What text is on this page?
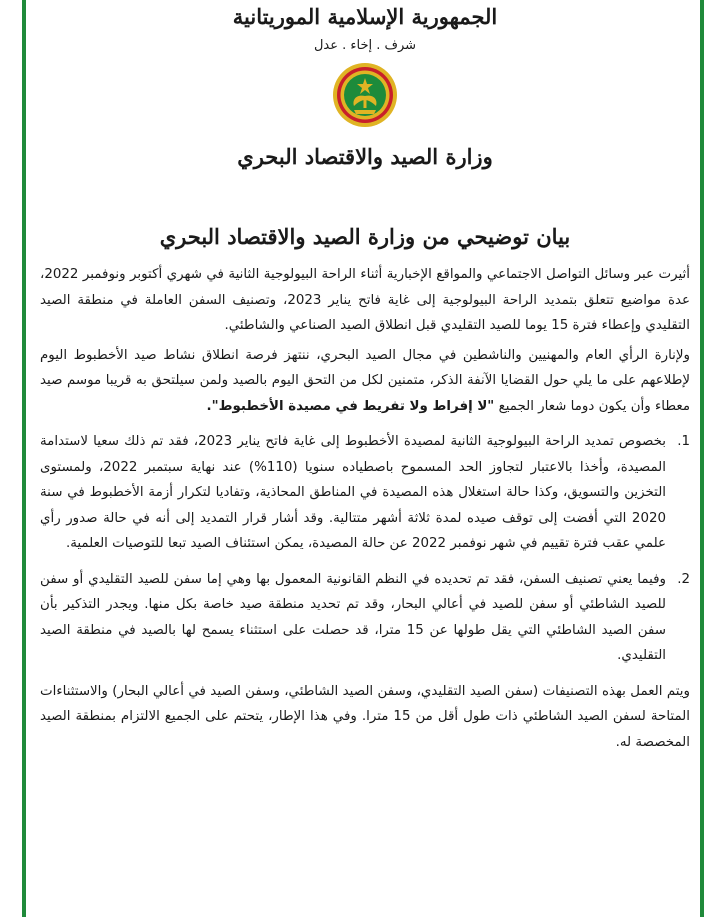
الجمهورية الإسلامية الموريتانية
شرف . إخاء . عدل
وزارة الصيد والاقتصاد البحري
بيان توضيحي من وزارة الصيد والاقتصاد البحري

أثيرت عبر وسائل التواصل الاجتماعي والمواقع الإخبارية أثناء الراحة البيولوجية الثانية في شهري أكتوبر ونوفمبر 2022، عدة مواضيع تتعلق بتمديد الراحة البيولوجية إلى غاية فاتح يناير 2023، وتصنيف السفن العاملة في منطقة الصيد التقليدي وإعطاء فترة 15 يوما للصيد التقليدي قبل انطلاق الصيد الصناعي والشاطئي.

ولإنارة الرأي العام والمهنيين والناشطين في مجال الصيد البحري، ننتهز فرصة انطلاق نشاط صيد الأخطبوط اليوم لإطلاعهم على ما يلي حول القضايا الآنفة الذكر، متمنين لكل من التحق اليوم بالصيد ولمن سيلتحق به قريبا موسم صيد معطاء وأن يكون دوما شعار الجميع "لا إفراط ولا تفريط في مصيدة الأخطبوط".

1.
بخصوص تمديد الراحة البيولوجية الثانية لمصيدة الأخطبوط إلى غاية فاتح يناير 2023، فقد تم ذلك سعيا لاستدامة المصيدة، وأخذا بالاعتبار لتجاوز الحد المسموح باصطياده سنويا (110%) عند نهاية سبتمبر 2022، ولمستوى التخزين والتسويق، وكذا حالة استغلال هذه المصيدة في المناطق المحاذية، وتفاديا لتكرار أزمة الأخطبوط في سنة 2020 التي أفضت إلى توقف صيده لمدة ثلاثة أشهر متتالية. وقد أشار قرار التمديد إلى أنه في حالة صدور رأي علمي عقب فترة تقييم في شهر نوفمبر 2022 عن حالة المصيدة، يمكن استئناف الصيد تبعا للتوصيات العلمية.
2.
وفيما يعني تصنيف السفن، فقد تم تحديده في النظم القانونية المعمول بها وهي إما سفن للصيد التقليدي أو سفن للصيد الشاطئي أو سفن للصيد في أعالي البحار، وقد تم تحديد منطقة صيد خاصة بكل منها. ويجدر التذكير بأن سفن الصيد الشاطئي التي يقل طولها عن 15 مترا، قد حصلت على استثناء يسمح لها بالصيد في منطقة الصيد التقليدي.

ويتم العمل بهذه التصنيفات (سفن الصيد التقليدي، وسفن الصيد الشاطئي، وسفن الصيد في أعالي البحار) والاستثناءات المتاحة لسفن الصيد الشاطئي ذات طول أقل من 15 مترا. وفي هذا الإطار، يتحتم على الجميع الالتزام بمنطقة الصيد المخصصة له.
